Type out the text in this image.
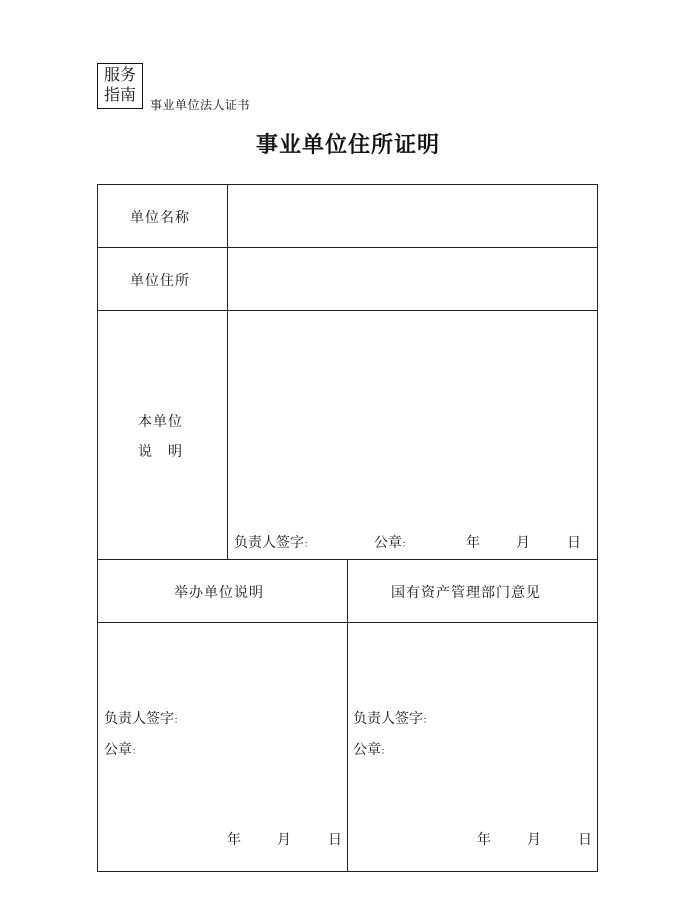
服务
指南
事业单位法人证书
事业单位住所证明
单位名称
单位住所
本单位
说　明
负责人签字：	公章：	年	月	日
举办单位说明	国有资产管理部门意见
负责人签字：
公章：
年	月	日
负责人签字：
公章：
年	月	日
